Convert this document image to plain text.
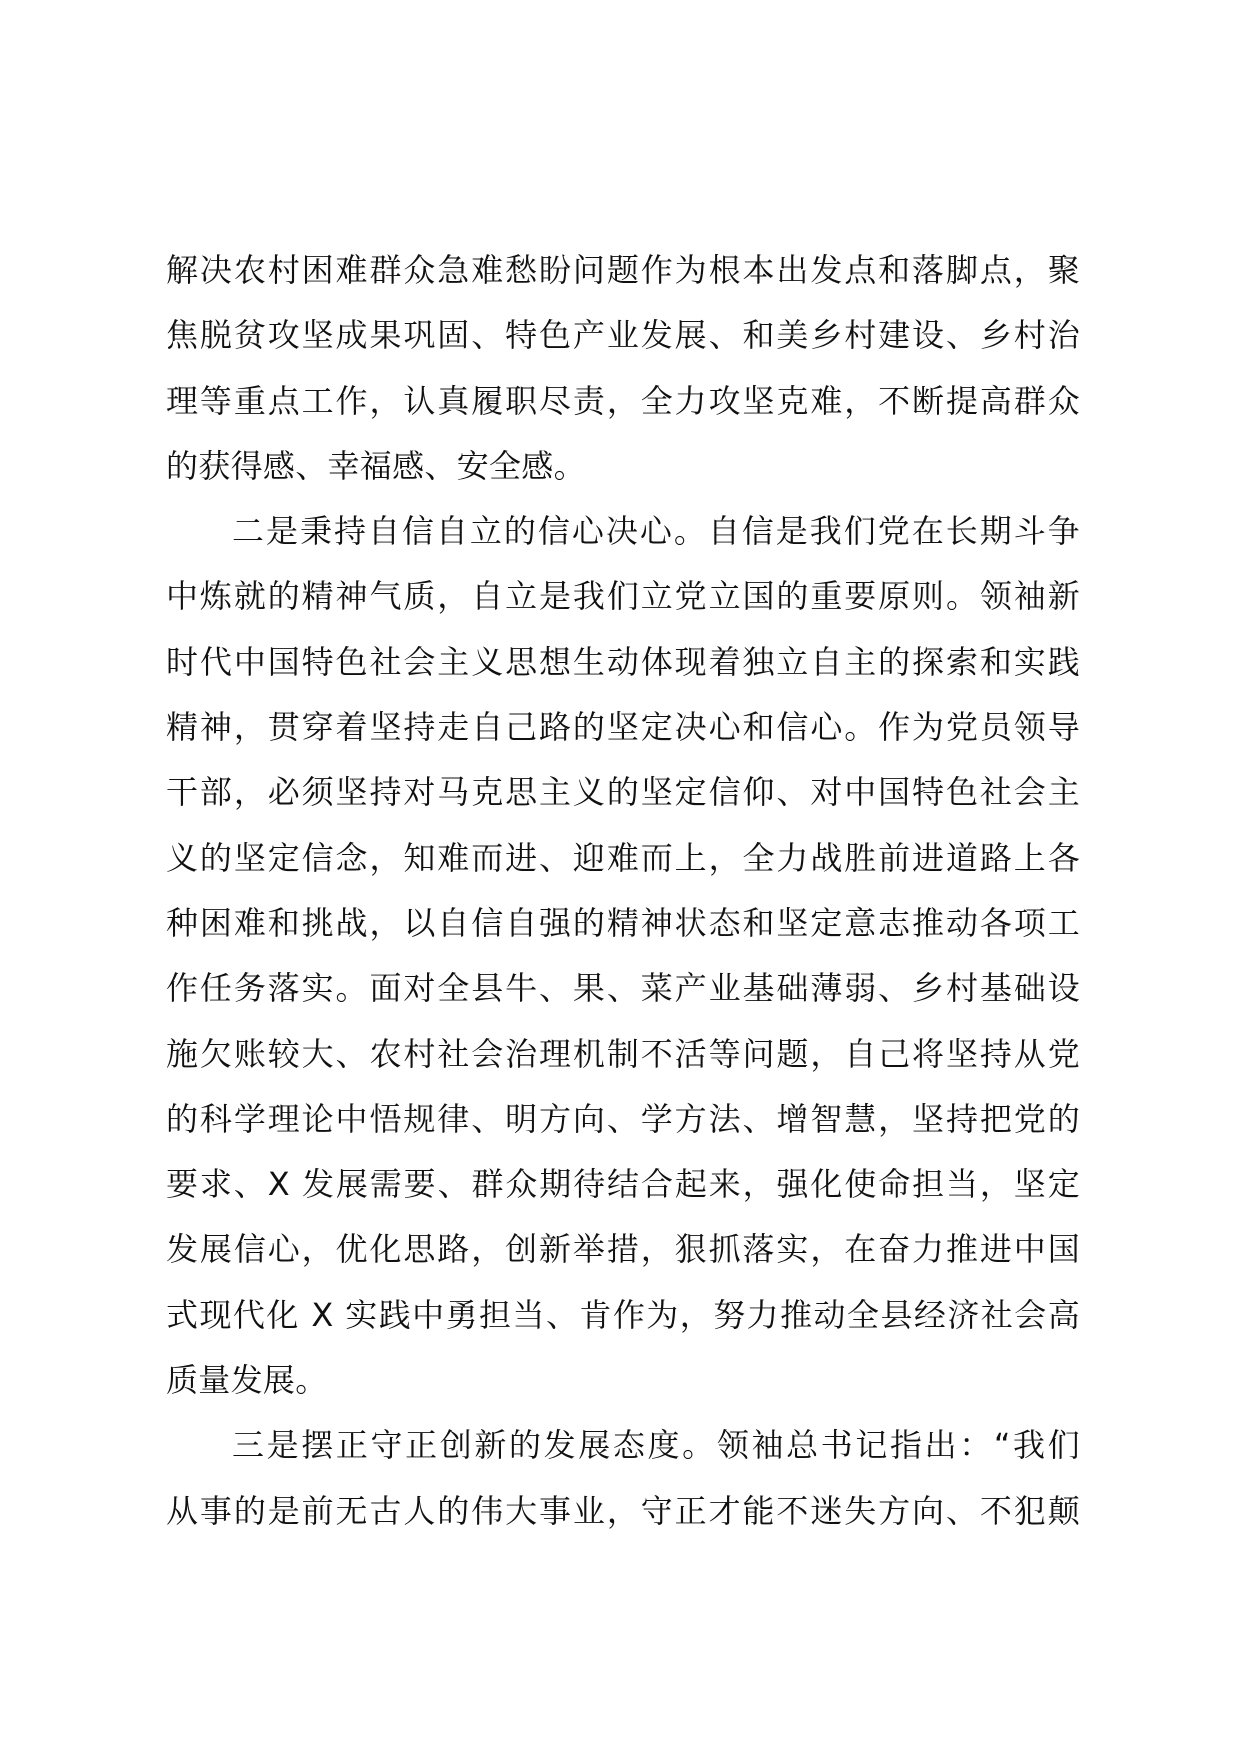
解决农村困难群众急难愁盼问题作为根本出发点和落脚点，聚
焦脱贫攻坚成果巩固、特色产业发展、和美乡村建设、乡村治
理等重点工作，认真履职尽责，全力攻坚克难，不断提高群众
的获得感、幸福感、安全感。
二是秉持自信自立的信心决心。自信是我们党在长期斗争
中炼就的精神气质，自立是我们立党立国的重要原则。领袖新
时代中国特色社会主义思想生动体现着独立自主的探索和实践
精神，贯穿着坚持走自己路的坚定决心和信心。作为党员领导
干部，必须坚持对马克思主义的坚定信仰、对中国特色社会主
义的坚定信念，知难而进、迎难而上，全力战胜前进道路上各
种困难和挑战，以自信自强的精神状态和坚定意志推动各项工
作任务落实。面对全县牛、果、菜产业基础薄弱、乡村基础设
施欠账较大、农村社会治理机制不活等问题，自己将坚持从党
的科学理论中悟规律、明方向、学方法、增智慧，坚持把党的
要求、X 发展需要、群众期待结合起来，强化使命担当，坚定
发展信心，优化思路，创新举措，狠抓落实，在奋力推进中国
式现代化 X 实践中勇担当、肯作为，努力推动全县经济社会高
质量发展。
三是摆正守正创新的发展态度。领袖总书记指出：“我们
从事的是前无古人的伟大事业，守正才能不迷失方向、不犯颠
